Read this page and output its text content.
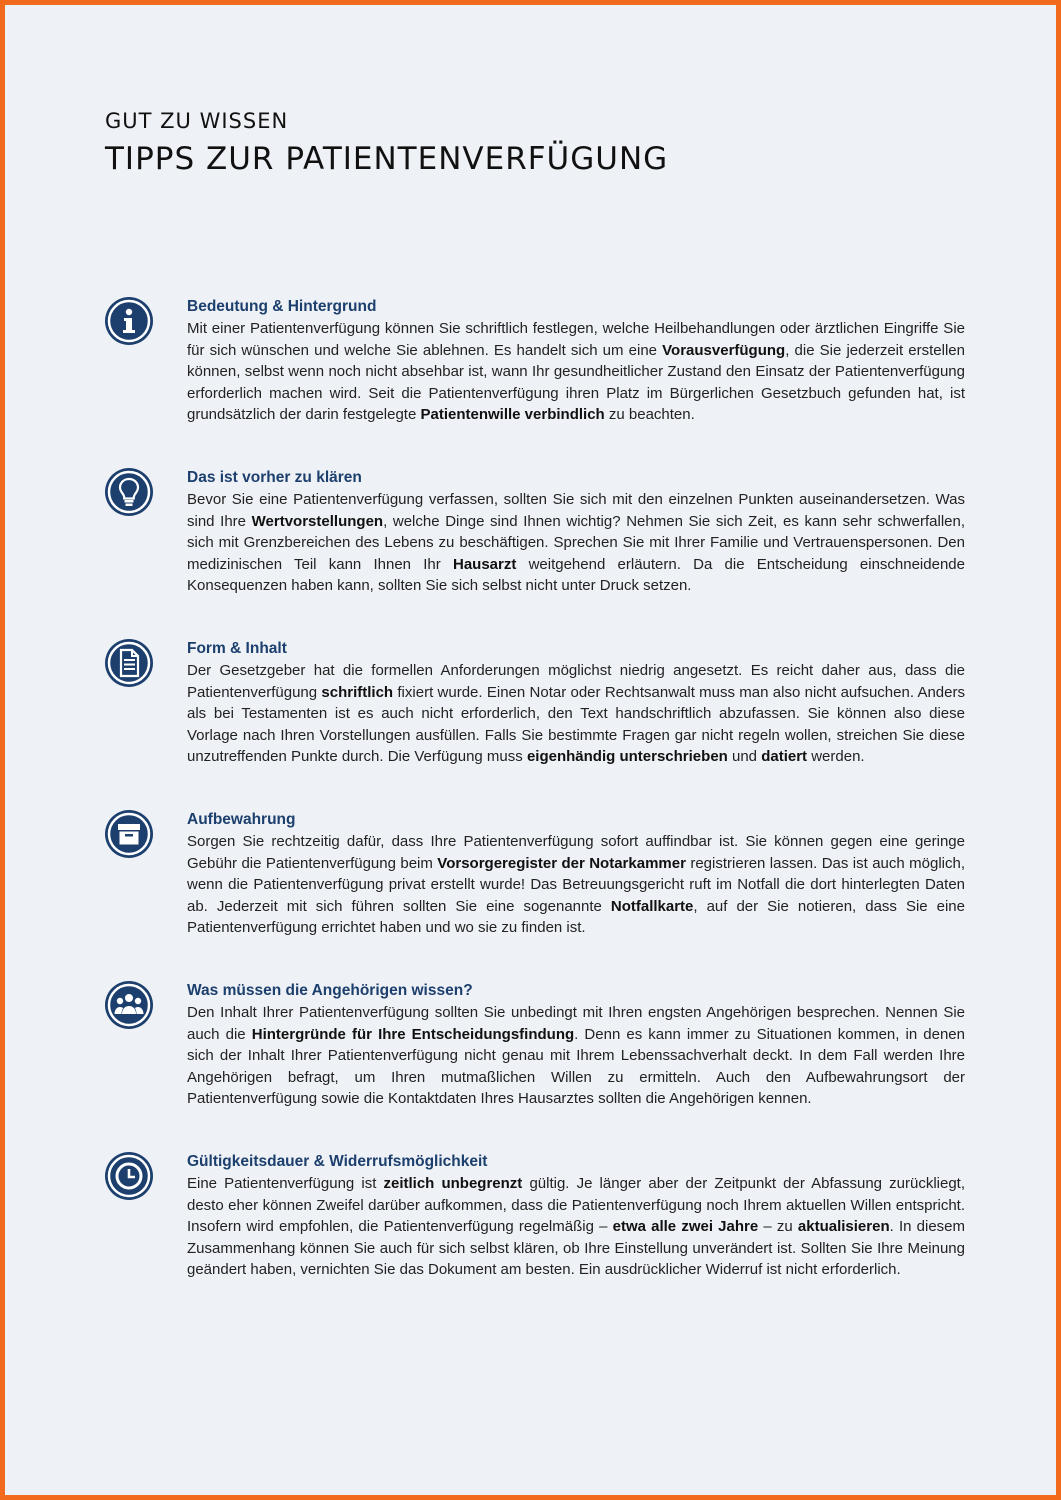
GUT ZU WISSEN
TIPPS ZUR PATIENTENVERFÜGUNG

Bedeutung & Hintergrund

Mit einer Patientenverfügung können Sie schriftlich festlegen, welche Heilbehandlungen oder ärztlichen Eingriffe Sie für sich wünschen und welche Sie ablehnen. Es handelt sich um eine Vorausverfügung, die Sie jederzeit erstellen können, selbst wenn noch nicht absehbar ist, wann Ihr gesundheitlicher Zustand den Einsatz der Patientenverfügung erforderlich machen wird. Seit die Patientenverfügung ihren Platz im Bürgerlichen Gesetzbuch gefunden hat, ist grundsätzlich der darin festgelegte Patientenwille verbindlich zu beachten.

Das ist vorher zu klären

Bevor Sie eine Patientenverfügung verfassen, sollten Sie sich mit den einzelnen Punkten auseinandersetzen. Was sind Ihre Wertvorstellungen, welche Dinge sind Ihnen wichtig? Nehmen Sie sich Zeit, es kann sehr schwerfallen, sich mit Grenzbereichen des Lebens zu beschäftigen. Sprechen Sie mit Ihrer Familie und Vertrauenspersonen. Den medizinischen Teil kann Ihnen Ihr Hausarzt weitgehend erläutern. Da die Entscheidung einschneidende Konsequenzen haben kann, sollten Sie sich selbst nicht unter Druck setzen.

Form & Inhalt

Der Gesetzgeber hat die formellen Anforderungen möglichst niedrig angesetzt. Es reicht daher aus, dass die Patientenverfügung schriftlich fixiert wurde. Einen Notar oder Rechtsanwalt muss man also nicht aufsuchen. Anders als bei Testamenten ist es auch nicht erforderlich, den Text handschriftlich abzufassen. Sie können also diese Vorlage nach Ihren Vorstellungen ausfüllen. Falls Sie bestimmte Fragen gar nicht regeln wollen, streichen Sie diese unzutreffenden Punkte durch. Die Verfügung muss eigenhändig unterschrieben und datiert werden.

Aufbewahrung

Sorgen Sie rechtzeitig dafür, dass Ihre Patientenverfügung sofort auffindbar ist. Sie können gegen eine geringe Gebühr die Patientenverfügung beim Vorsorgeregister der Notarkammer registrieren lassen. Das ist auch möglich, wenn die Patientenverfügung privat erstellt wurde! Das Betreuungsgericht ruft im Notfall die dort hinterlegten Daten ab. Jederzeit mit sich führen sollten Sie eine sogenannte Notfallkarte, auf der Sie notieren, dass Sie eine Patientenverfügung errichtet haben und wo sie zu finden ist.

Was müssen die Angehörigen wissen?

Den Inhalt Ihrer Patientenverfügung sollten Sie unbedingt mit Ihren engsten Angehörigen besprechen. Nennen Sie auch die Hintergründe für Ihre Entscheidungsfindung. Denn es kann immer zu Situationen kommen, in denen sich der Inhalt Ihrer Patientenverfügung nicht genau mit Ihrem Lebenssachverhalt deckt. In dem Fall werden Ihre Angehörigen befragt, um Ihren mutmaßlichen Willen zu ermitteln. Auch den Aufbewahrungsort der Patientenverfügung sowie die Kontaktdaten Ihres Hausarztes sollten die Angehörigen kennen.

Gültigkeitsdauer & Widerrufsmöglichkeit

Eine Patientenverfügung ist zeitlich unbegrenzt gültig. Je länger aber der Zeitpunkt der Abfassung zurückliegt, desto eher können Zweifel darüber aufkommen, dass die Patientenverfügung noch Ihrem aktuellen Willen entspricht. Insofern wird empfohlen, die Patientenverfügung regelmäßig – etwa alle zwei Jahre – zu aktualisieren. In diesem Zusammenhang können Sie auch für sich selbst klären, ob Ihre Einstellung unverändert ist. Sollten Sie Ihre Meinung geändert haben, vernichten Sie das Dokument am besten. Ein ausdrücklicher Widerruf ist nicht erforderlich.
